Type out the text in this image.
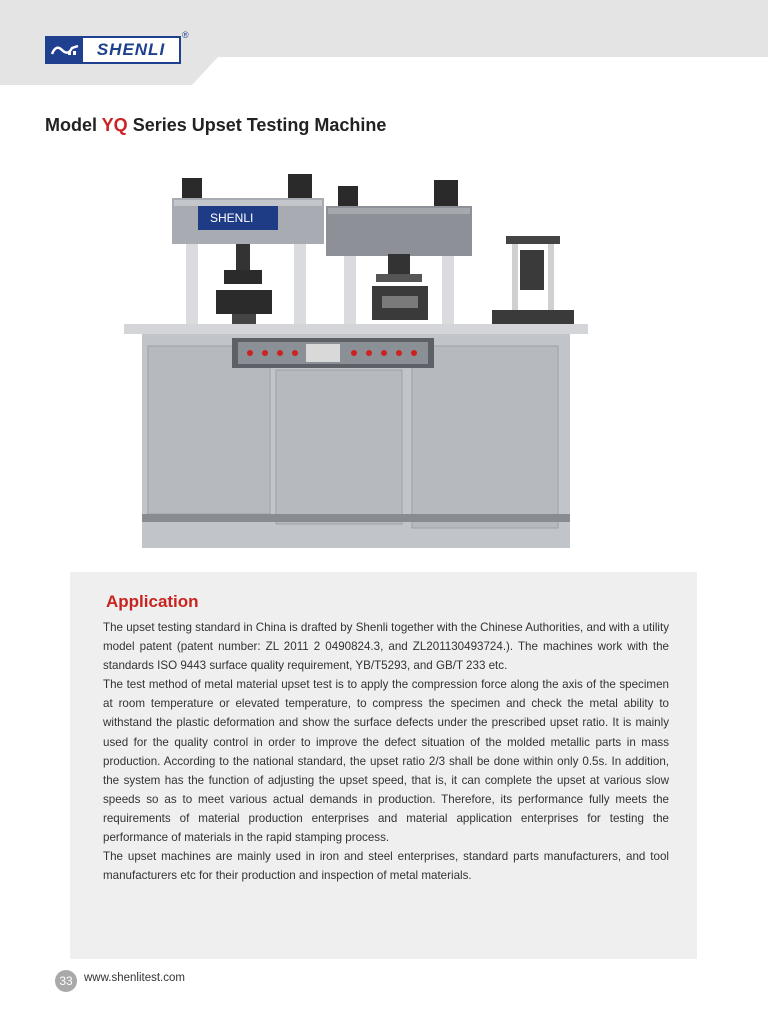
SHENLI
®
Model YQ Series Upset Testing Machine
SHENLI
Application

The upset testing standard in China is drafted by Shenli together with the Chinese Authorities, and with a utility model patent (patent number: ZL 2011 2 0490824.3, and ZL201130493724.). The machines work with the standards ISO 9443 surface quality requirement, YB/T5293, and GB/T 233 etc.

The test method of metal material upset test is to apply the compression force along the axis of the specimen at room temperature or elevated temperature, to compress the specimen and check the metal ability to withstand the plastic deformation and show the surface defects under the prescribed upset ratio. It is mainly used for the quality control in order to improve the defect situation of the molded metallic parts in mass production. According to the national standard, the upset ratio 2/3 shall be done within only 0.5s. In addition, the system has the function of adjusting the upset speed, that is, it can complete the upset at various slow speeds so as to meet various actual demands in production. Therefore, its performance fully meets the requirements of material production enterprises and material application enterprises for testing the performance of materials in the rapid stamping process.

The upset machines are mainly used in iron and steel enterprises, standard parts manufacturers, and tool manufacturers etc for their production and inspection of metal materials.

33 www.shenlitest.com
